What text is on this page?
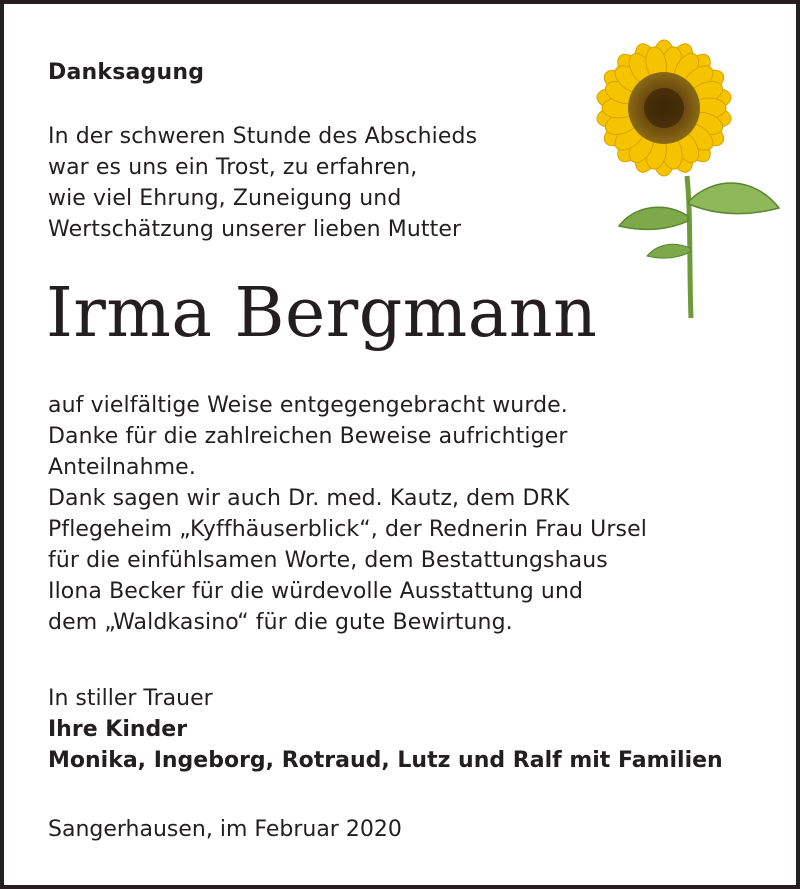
Danksagung
In der schweren Stunde des Abschieds
war es uns ein Trost, zu erfahren,
wie viel Ehrung, Zuneigung und
Wertschätzung unserer lieben Mutter
Irma Bergmann
auf vielfältige Weise entgegengebracht wurde.
Danke für die zahlreichen Beweise aufrichtiger
Anteilnahme.
Dank sagen wir auch Dr. med. Kautz, dem DRK
Pflegeheim „Kyffhäuserblick“, der Rednerin Frau Ursel
für die einfühlsamen Worte, dem Bestattungshaus
Ilona Becker für die würdevolle Ausstattung und
dem „Waldkasino“ für die gute Bewirtung.
In stiller Trauer
Ihre Kinder
Monika, Ingeborg, Rotraud, Lutz und Ralf mit Familien
Sangerhausen, im Februar 2020
